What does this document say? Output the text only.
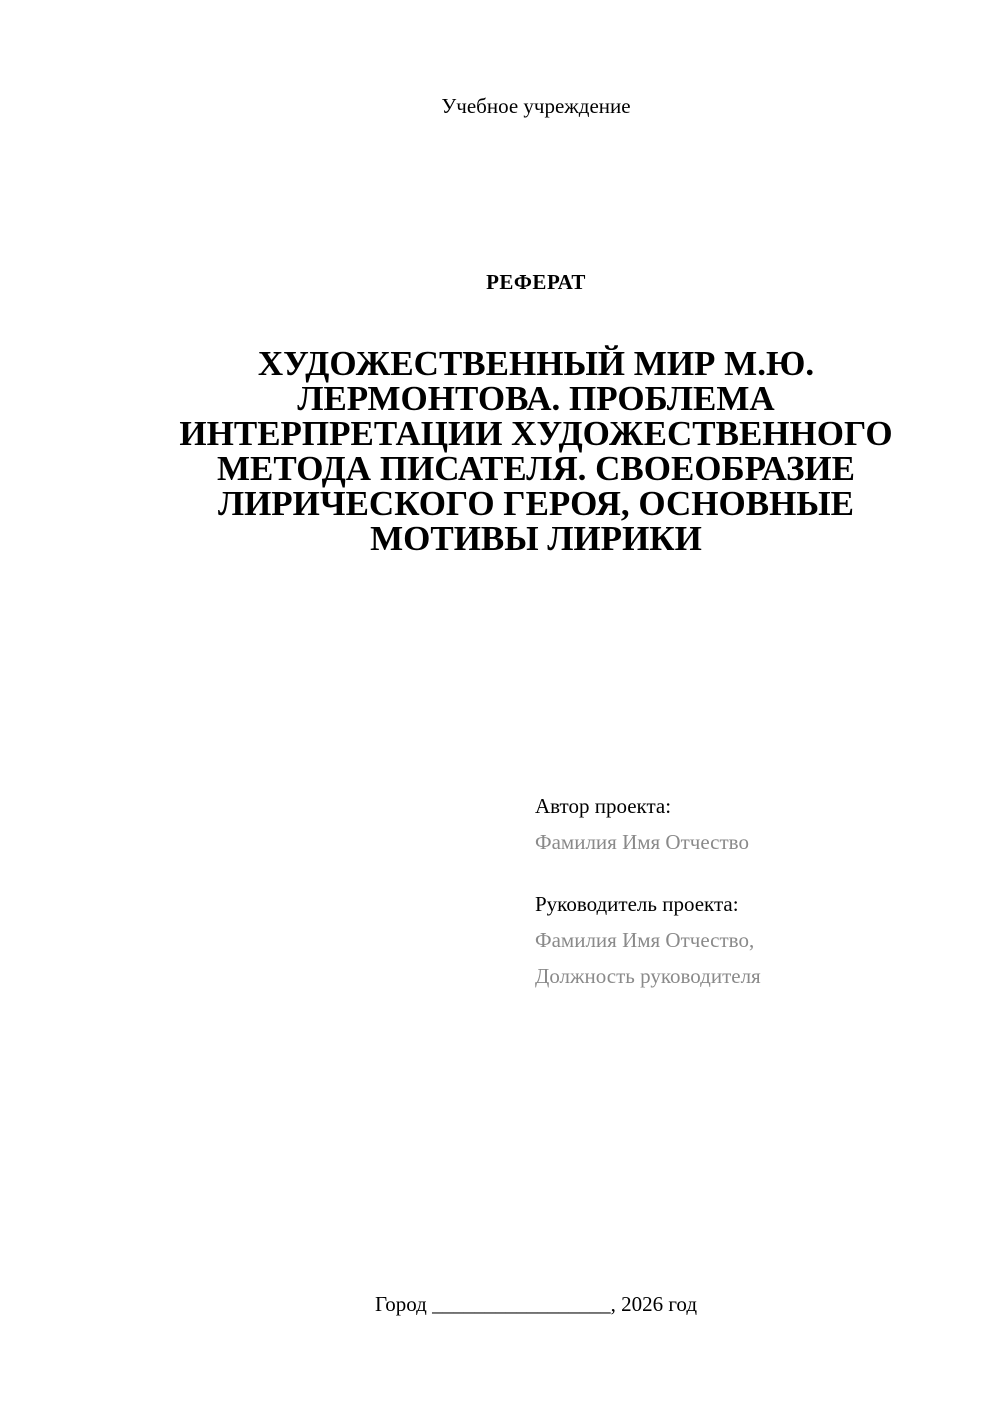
Учебное учреждение
РЕФЕРАТ
ХУДОЖЕСТВЕННЫЙ МИР М.Ю. ЛЕРМОНТОВА. ПРОБЛЕМА ИНТЕРПРЕТАЦИИ ХУДОЖЕСТВЕННОГО МЕТОДА ПИСАТЕЛЯ. СВОЕОБРАЗИЕ ЛИРИЧЕСКОГО ГЕРОЯ, ОСНОВНЫЕ МОТИВЫ ЛИРИКИ
Автор проекта:
Фамилия Имя Отчество
Руководитель проекта:
Фамилия Имя Отчество,
Должность руководителя
Город _________________, 2026 год
